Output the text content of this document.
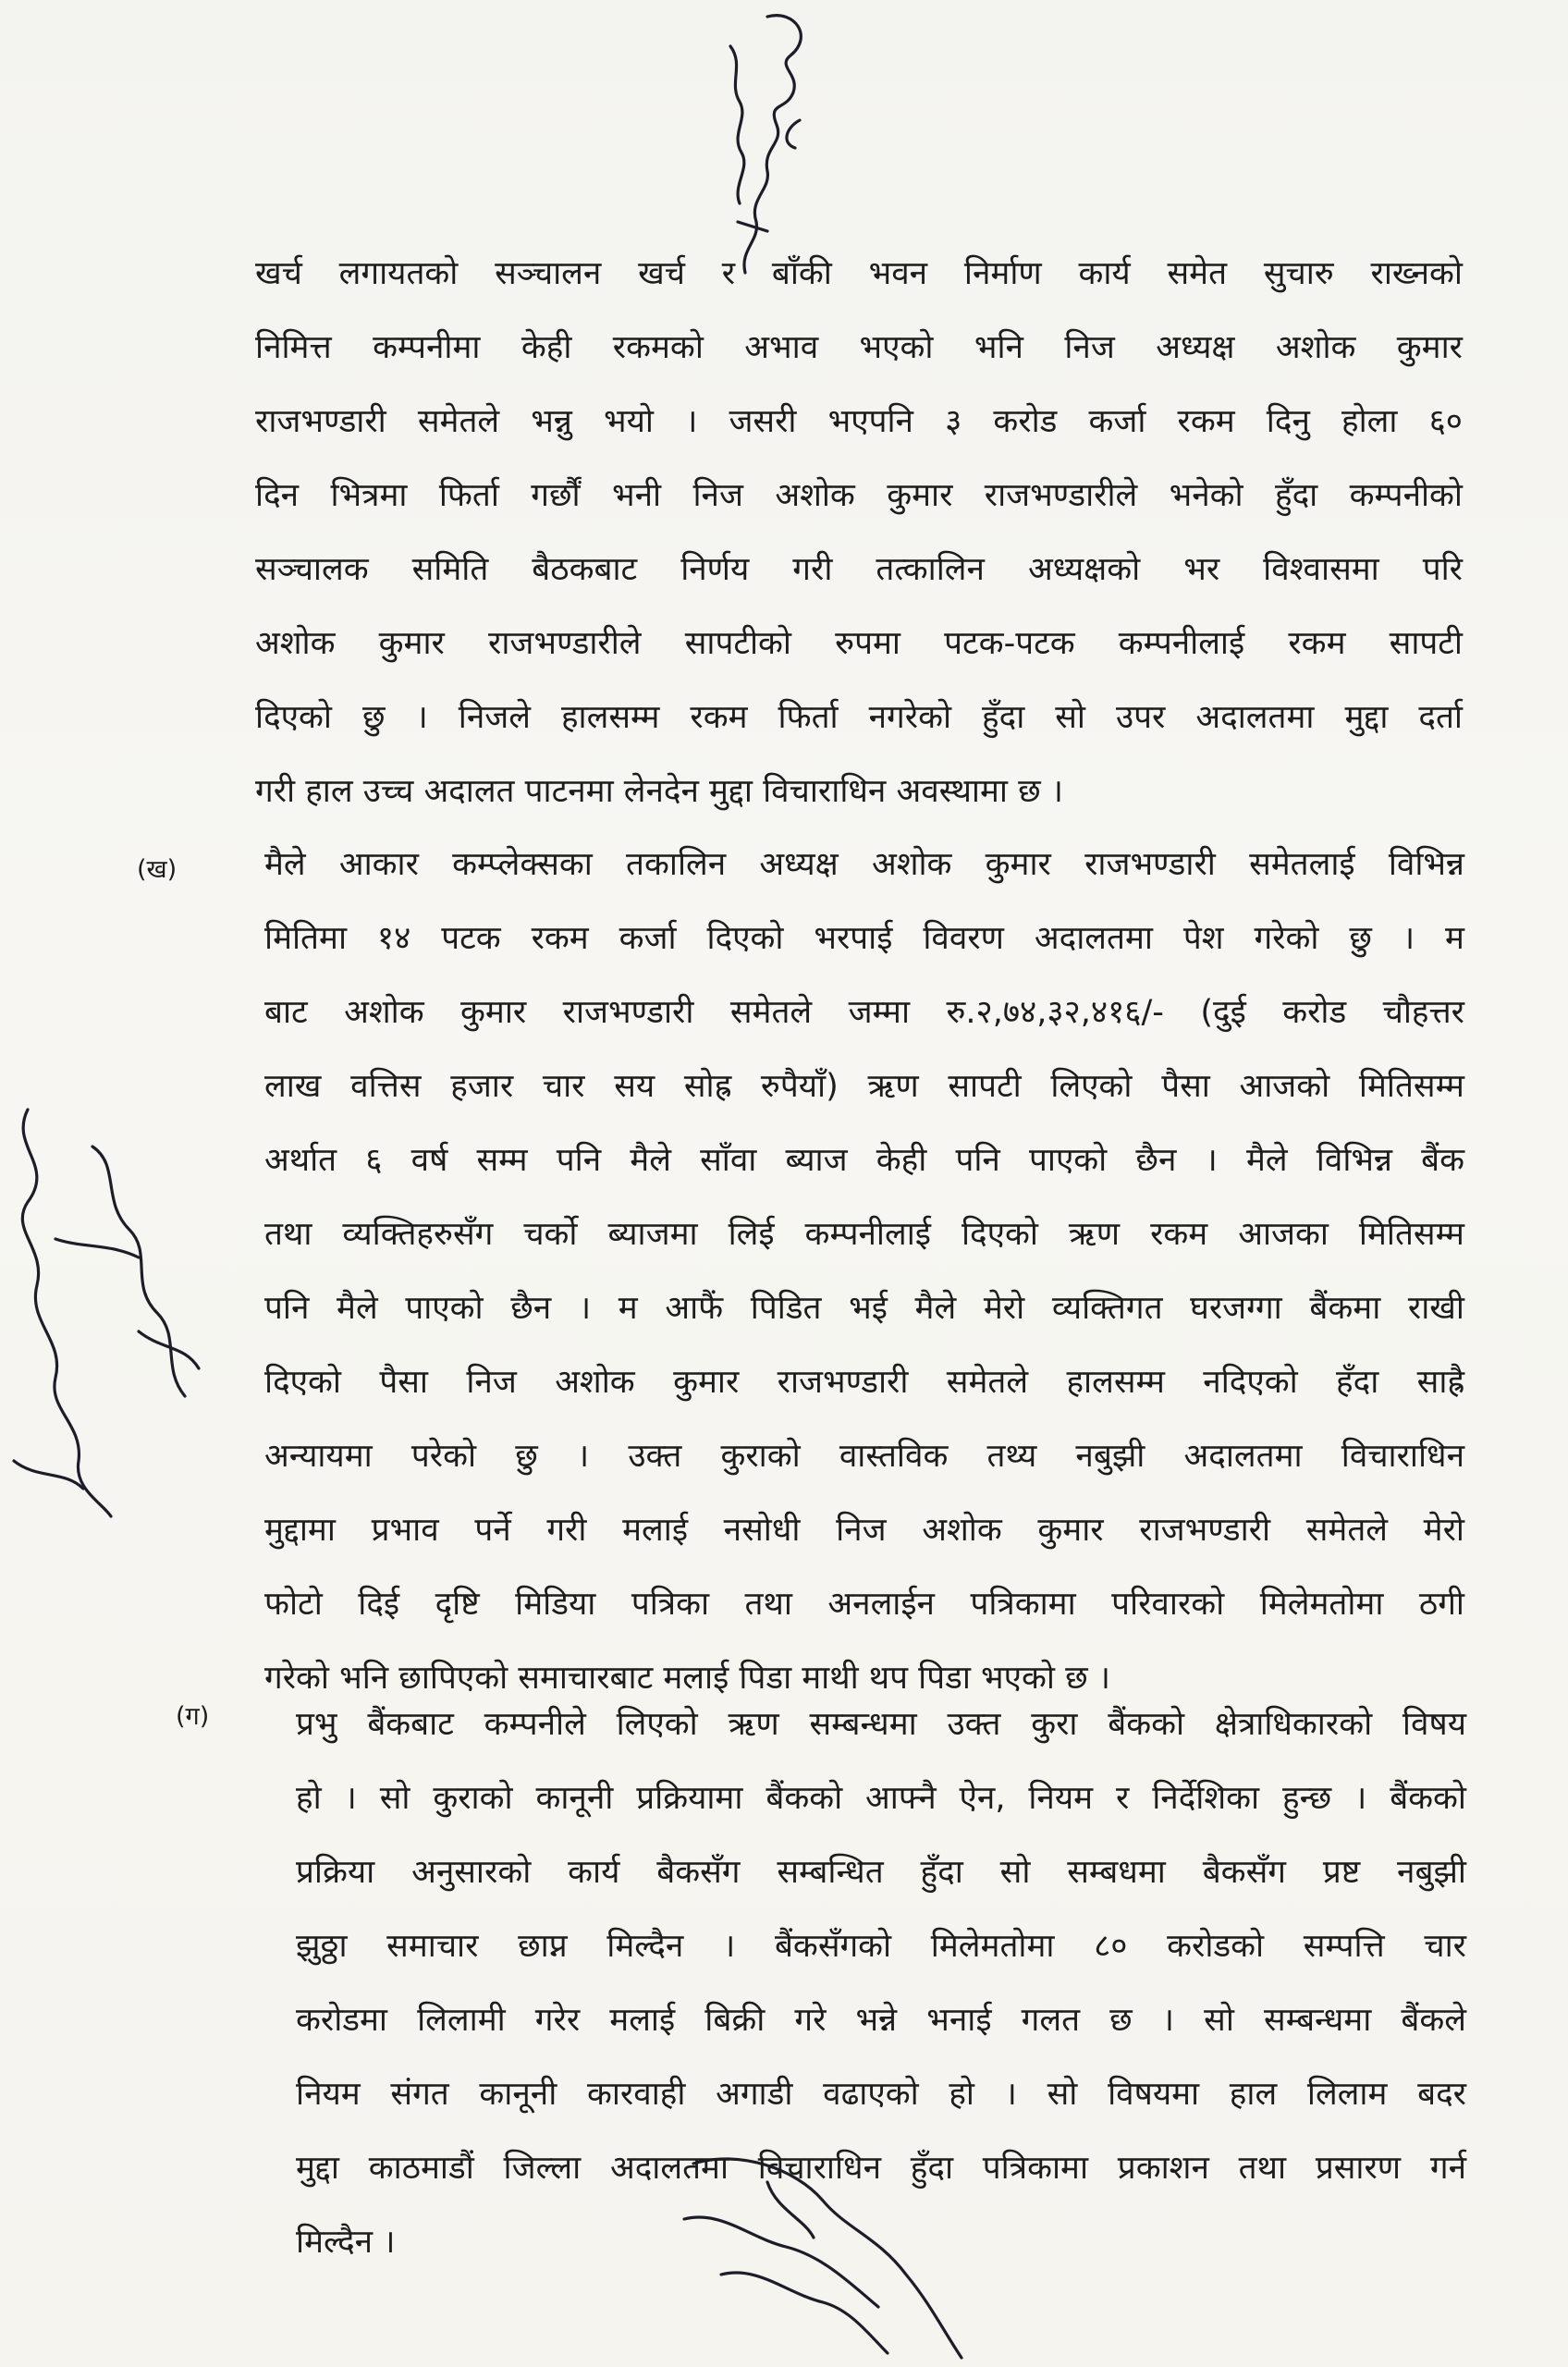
खर्च लगायतको सञ्चालन खर्च र बाँकी भवन निर्माण कार्य समेत सुचारु राख्नको
निमित्त कम्पनीमा केही रकमको अभाव भएको भनि निज अध्यक्ष अशोक कुमार
राजभण्डारी समेतले भन्नु भयो । जसरी भएपनि ३ करोड कर्जा रकम दिनु होला ६०
दिन भित्रमा फिर्ता गर्छौं भनी निज अशोक कुमार राजभण्डारीले भनेको हुँदा कम्पनीको
सञ्चालक समिति बैठकबाट निर्णय गरी तत्कालिन अध्यक्षको भर विश्वासमा परि
अशोक कुमार राजभण्डारीले सापटीको रुपमा पटक-पटक कम्पनीलाई रकम सापटी
दिएको छु । निजले हालसम्म रकम फिर्ता नगरेको हुँदा सो उपर अदालतमा मुद्दा दर्ता
गरी हाल उच्च अदालत पाटनमा लेनदेन मुद्दा विचाराधिन अवस्थामा छ ।
(ख)	मैले आकार कम्प्लेक्सका तकालिन अध्यक्ष अशोक कुमार राजभण्डारी समेतलाई विभिन्न
मितिमा १४ पटक रकम कर्जा दिएको भरपाई विवरण अदालतमा पेश गरेको छु । म
बाट अशोक कुमार राजभण्डारी समेतले जम्मा रु.२,७४,३२,४१६/- (दुई करोड चौहत्तर
लाख वत्तिस हजार चार सय सोह्र रुपैयाँ) ऋण सापटी लिएको पैसा आजको मितिसम्म
अर्थात ६ वर्ष सम्म पनि मैले साँवा ब्याज केही पनि पाएको छैन । मैले विभिन्न बैंक
तथा व्यक्तिहरुसँग चर्को ब्याजमा लिई कम्पनीलाई दिएको ऋण रकम आजका मितिसम्म
पनि मैले पाएको छैन । म आफैं पिडित भई मैले मेरो व्यक्तिगत घरजग्गा बैंकमा राखी
दिएको पैसा निज अशोक कुमार राजभण्डारी समेतले हालसम्म नदिएको हँदा साह्रै
अन्यायमा परेको छु । उक्त कुराको वास्तविक तथ्य नबुझी अदालतमा विचाराधिन
मुद्दामा प्रभाव पर्ने गरी मलाई नसोधी निज अशोक कुमार राजभण्डारी समेतले मेरो
फोटो दिई दृष्टि मिडिया पत्रिका तथा अनलाईन पत्रिकामा परिवारको मिलेमतोमा ठगी
गरेको भनि छापिएको समाचारबाट मलाई पिडा माथी थप पिडा भएको छ ।
(ग)	प्रभु बैंकबाट कम्पनीले लिएको ऋण सम्बन्धमा उक्त कुरा बैंकको क्षेत्राधिकारको विषय
हो । सो कुराको कानूनी प्रक्रियामा बैंकको आफ्नै ऐन, नियम र निर्देशिका हुन्छ । बैंकको
प्रक्रिया अनुसारको कार्य बैकसँग सम्बन्धित हुँदा सो सम्बधमा बैकसँग प्रष्ट नबुझी
झुठ्ठा समाचार छाप्न मिल्दैन । बैंकसँगको मिलेमतोमा ८० करोडको सम्पत्ति चार
करोडमा लिलामी गरेर मलाई बिक्री गरे भन्ने भनाई गलत छ । सो सम्बन्धमा बैंकले
नियम संगत कानूनी कारवाही अगाडी वढाएको हो । सो विषयमा हाल लिलाम बदर
मुद्दा काठमाडौं जिल्ला अदालतमा विचाराधिन हुँदा पत्रिकामा प्रकाशन तथा प्रसारण गर्न
मिल्दैन ।
